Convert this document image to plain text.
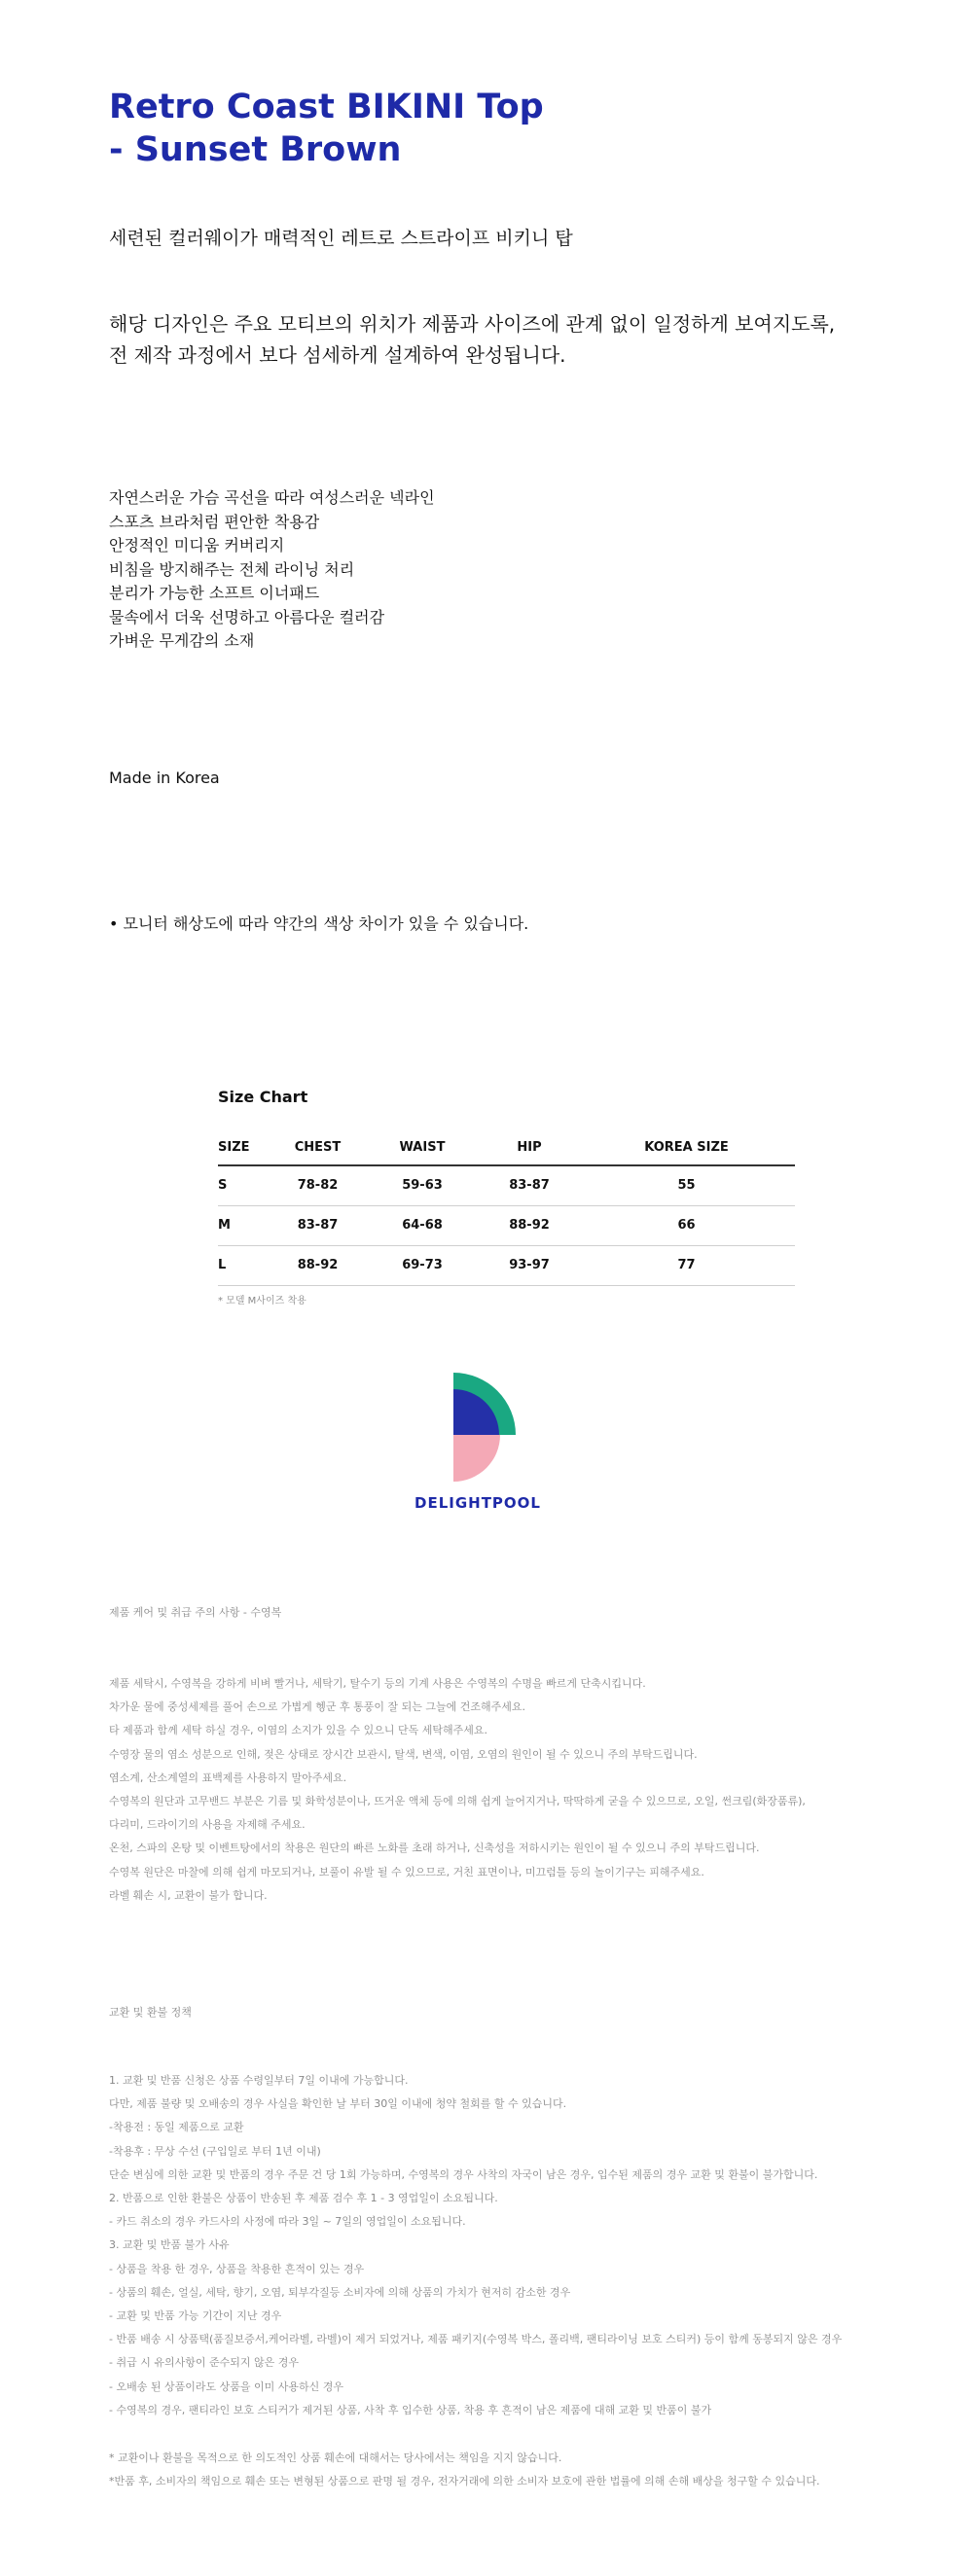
Retro Coast BIKINI Top
- Sunset Brown
세련된 컬러웨이가 매력적인 레트로 스트라이프 비키니 탑
해당 디자인은 주요 모티브의 위치가 제품과 사이즈에 관계 없이 일정하게 보여지도록,
전 제작 과정에서 보다 섬세하게 설계하여 완성됩니다.
자연스러운 가슴 곡선을 따라 여성스러운 넥라인
스포츠 브라처럼 편안한 착용감
안정적인 미디움 커버리지
비침을 방지해주는 전체 라이닝 처리
분리가 가능한 소프트 이너패드
물속에서 더욱 선명하고 아름다운 컬러감
가벼운 무게감의 소재
Made in Korea
• 모니터 해상도에 따라 약간의 색상 차이가 있을 수 있습니다.
Size Chart
SIZE	CHEST	WAIST	HIP	KOREA SIZE
S	78-82	59-63	83-87	55
M	83-87	64-68	88-92	66
L	88-92	69-73	93-97	77
* 모델 M사이즈 착용
DELIGHTPOOL
제품 케어 및 취급 주의 사항 - 수영복
제품 세탁시, 수영복을 강하게 비벼 빨거나, 세탁기, 탈수기 등의 기계 사용은 수영복의 수명을 빠르게 단축시킵니다.
차가운 물에 중성세제를 풀어 손으로 가볍게 헹군 후 통풍이 잘 되는 그늘에 건조해주세요.
타 제품과 함께 세탁 하실 경우, 이염의 소지가 있을 수 있으니 단독 세탁해주세요.
수영장 물의 염소 성분으로 인해, 젖은 상태로 장시간 보관시, 탈색, 변색, 이염, 오염의 원인이 될 수 있으니 주의 부탁드립니다.
염소계, 산소계열의 표백제를 사용하지 말아주세요.
수영복의 원단과 고무밴드 부분은 기름 및 화학성분이나, 뜨거운 액체 등에 의해 쉽게 늘어지거나, 딱딱하게 굳을 수 있으므로, 오일, 썬크림(화장품류),
다리미, 드라이기의 사용을 자제해 주세요.
온천, 스파의 온탕 및 이벤트탕에서의 착용은 원단의 빠른 노화를 초래 하거나, 신축성을 저하시키는 원인이 될 수 있으니 주의 부탁드립니다.
수영복 원단은 마찰에 의해 쉽게 마모되거나, 보풀이 유발 될 수 있으므로, 거친 표면이나, 미끄럼틀 등의 놀이기구는 피해주세요.
라벨 훼손 시, 교환이 불가 합니다.
교환 및 환불 정책
1. 교환 및 반품 신청은 상품 수령일부터 7일 이내에 가능합니다.
다만, 제품 불량 및 오배송의 경우 사실을 확인한 날 부터 30일 이내에 청약 철회를 할 수 있습니다.
-착용전 : 동일 제품으로 교환
-착용후 : 무상 수선 (구입일로 부터 1년 이내)
단순 변심에 의한 교환 및 반품의 경우 주문 건 당 1회 가능하며, 수영복의 경우 사착의 자국이 남은 경우, 입수된 제품의 경우 교환 및 환불이 불가합니다.
2. 반품으로 인한 환불은 상품이 반송된 후 제품 검수 후 1 - 3 영업일이 소요됩니다.
- 카드 취소의 경우 카드사의 사정에 따라 3일 ~ 7일의 영업일이 소요됩니다.
3. 교환 및 반품 불가 사유
- 상품을 착용 한 경우, 상품을 착용한 흔적이 있는 경우
- 상품의 훼손, 얼실, 세탁, 향기, 오염, 퇴부각질등 소비자에 의해 상품의 가치가 현저히 감소한 경우
- 교환 및 반품 가능 기간이 지난 경우
- 반품 배송 시 상품택(품질보증서,케어라벨, 라벨)이 제거 되었거나, 제품 패키지(수영복 박스, 폴리백, 팬티라이닝 보호 스티커) 등이 함께 동봉되지 않은 경우
- 취급 시 유의사항이 준수되지 않은 경우
- 오배송 된 상품이라도 상품을 이미 사용하신 경우
- 수영복의 경우, 팬티라인 보호 스티커가 제거된 상품, 사착 후 입수한 상품, 착용 후 흔적이 남은 제품에 대해 교환 및 반품이 불가
* 교환이나 환불을 목적으로 한 의도적인 상품 훼손에 대해서는 당사에서는 책임을 지지 않습니다.
*반품 후, 소비자의 책임으로 훼손 또는 변형된 상품으로 판명 될 경우, 전자거래에 의한 소비자 보호에 관한 법률에 의해 손해 배상을 청구할 수 있습니다.
